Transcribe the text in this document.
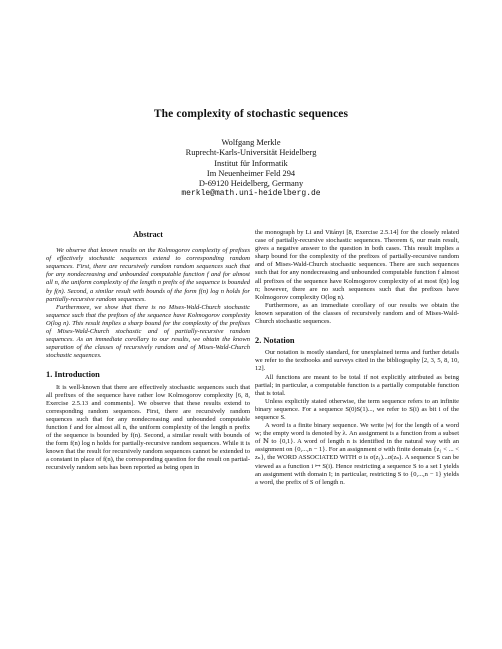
The complexity of stochastic sequences
Wolfgang Merkle
Ruprecht-Karls-Universität Heidelberg
Institut für Informatik
Im Neuenheimer Feld 294
D-69120 Heidelberg, Germany
merkle@math.uni-heidelberg.de
Abstract

We observe that known results on the Kolmogorov complexity of prefixes of effectively stochastic sequences extend to corresponding random sequences. First, there are recursively random random sequences such that for any nondecreasing and unbounded computable function f and for almost all n, the uniform complexity of the length n prefix of the sequence is bounded by f(n). Second, a similar result with bounds of the form f(n) log n holds for partially-recursive random sequences.

Furthermore, we show that there is no Mises-Wald-Church stochastic sequence such that the prefixes of the sequence have Kolmogorov complexity O(log n). This result implies a sharp bound for the complexity of the prefixes of Mises-Wald-Church stochastic and of partially-recursive random sequences. As an immediate corollary to our results, we obtain the known separation of the classes of recursively random and of Mises-Wald-Church stochastic sequences.

1. Introduction

It is well-known that there are effectively stochastic sequences such that all prefixes of the sequence have rather low Kolmogorov complexity [6, 8, Exercise 2.5.13 and comments]. We observe that these results extend to corresponding random sequences. First, there are recursively random sequences such that for any nondecreasing and unbounded computable function f and for almost all n, the uniform complexity of the length n prefix of the sequence is bounded by f(n). Second, a similar result with bounds of the form f(n) log n holds for partially-recursive random sequences. While it is known that the result for recursively random sequences cannot be extended to a constant in place of f(n), the corresponding question for the result on partial-recursively random sets has been reported as being open in

the monograph by Li and Vitányi [8, Exercise 2.5.14] for the closely related case of partially-recursive stochastic sequences. Theorem 6, our main result, gives a negative answer to the question in both cases. This result implies a sharp bound for the complexity of the prefixes of partially-recursive random and of Mises-Wald-Church stochastic sequences. There are such sequences such that for any nondecreasing and unbounded computable function f almost all prefixes of the sequence have Kolmogorov complexity of at most f(n) log n; however, there are no such sequences such that the prefixes have Kolmogorov complexity O(log n).

Furthermore, as an immediate corollary of our results we obtain the known separation of the classes of recursively random and of Mises-Wald-Church stochastic sequences.

2. Notation

Our notation is mostly standard, for unexplained terms and further details we refer to the textbooks and surveys cited in the bibliography [2, 3, 5, 8, 10, 12].

All functions are meant to be total if not explicitly attributed as being partial; in particular, a computable function is a partially computable function that is total.

Unless explicitly stated otherwise, the term sequence refers to an infinite binary sequence. For a sequence S(0)S(1)..., we refer to S(i) as bit i of the sequence S.

A word is a finite binary sequence. We write |w| for the length of a word w; the empty word is denoted by λ. An assignment is a function from a subset of ℕ to {0,1}. A word of length n is identified in the natural way with an assignment on {0,...,n − 1}. For an assignment σ with finite domain {z₁ < ... < zₙ}, the WORD ASSOCIATED WITH σ is σ(z₁)...σ(zₙ). A sequence S can be viewed as a function i ↦ S(i). Hence restricting a sequence S to a set I yields an assignment with domain I; in particular, restricting S to {0,...,n − 1} yields a word, the prefix of S of length n.
